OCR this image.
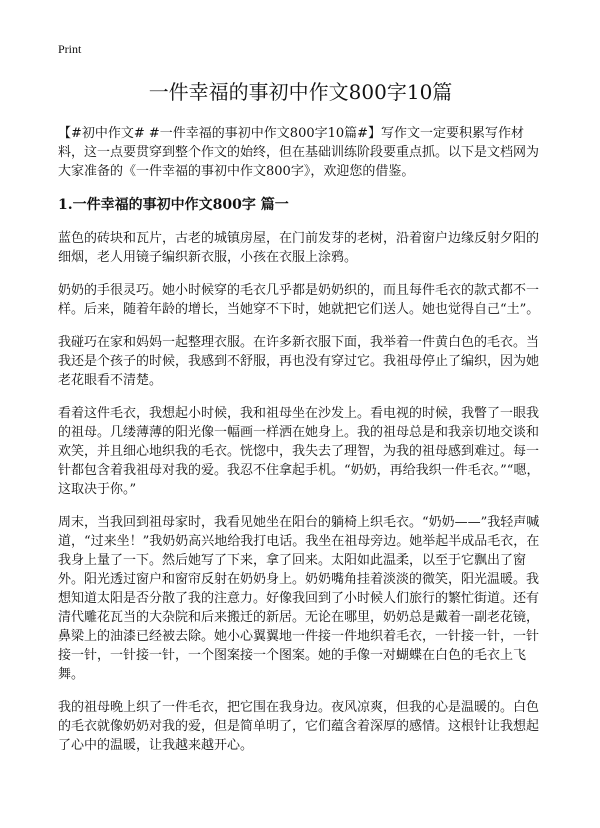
Print
一件幸福的事初中作文800字10篇

【#初中作文# #一件幸福的事初中作文800字10篇#】写作文一定要积累写作材料，这一点要贯穿到整个作文的始终，但在基础训练阶段要重点抓。以下是文档网为大家准备的《一件幸福的事初中作文800字》，欢迎您的借鉴。

1.一件幸福的事初中作文800字 篇一

蓝色的砖块和瓦片，古老的城镇房屋，在门前发芽的老树，沿着窗户边缘反射夕阳的细烟，老人用镜子编织新衣服，小孩在衣服上涂鸦。

奶奶的手很灵巧。她小时候穿的毛衣几乎都是奶奶织的，而且每件毛衣的款式都不一样。后来，随着年龄的增长，当她穿不下时，她就把它们送人。她也觉得自己“土”。

我碰巧在家和妈妈一起整理衣服。在许多新衣服下面，我举着一件黄白色的毛衣。当我还是个孩子的时候，我感到不舒服，再也没有穿过它。我祖母停止了编织，因为她老花眼看不清楚。

看着这件毛衣，我想起小时候，我和祖母坐在沙发上。看电视的时候，我瞥了一眼我的祖母。几缕薄薄的阳光像一幅画一样洒在她身上。我的祖母总是和我亲切地交谈和欢笑，并且细心地织我的毛衣。恍惚中，我失去了理智，为我的祖母感到难过。每一针都包含着我祖母对我的爱。我忍不住拿起手机。“奶奶，再给我织一件毛衣。”“嗯，这取决于你。”

周末，当我回到祖母家时，我看见她坐在阳台的躺椅上织毛衣。“奶奶——”我轻声喊道，“过来坐！”我奶奶高兴地给我打电话。我坐在祖母旁边。她举起半成品毛衣，在我身上量了一下。然后她写了下来，拿了回来。太阳如此温柔，以至于它飘出了窗外。阳光透过窗户和窗帘反射在奶奶身上。奶奶嘴角挂着淡淡的微笑，阳光温暖。我想知道太阳是否分散了我的注意力。好像我回到了小时候人们旅行的繁忙街道。还有清代雕花瓦当的大杂院和后来搬迁的新居。无论在哪里，奶奶总是戴着一副老花镜，鼻梁上的油漆已经被去除。她小心翼翼地一件接一件地织着毛衣，一针接一针，一针接一针，一针接一针，一个图案接一个图案。她的手像一对蝴蝶在白色的毛衣上飞舞。

我的祖母晚上织了一件毛衣，把它围在我身边。夜风凉爽，但我的心是温暖的。白色的毛衣就像奶奶对我的爱，但是简单明了，它们蕴含着深厚的感情。这根针让我想起了心中的温暖，让我越来越开心。
